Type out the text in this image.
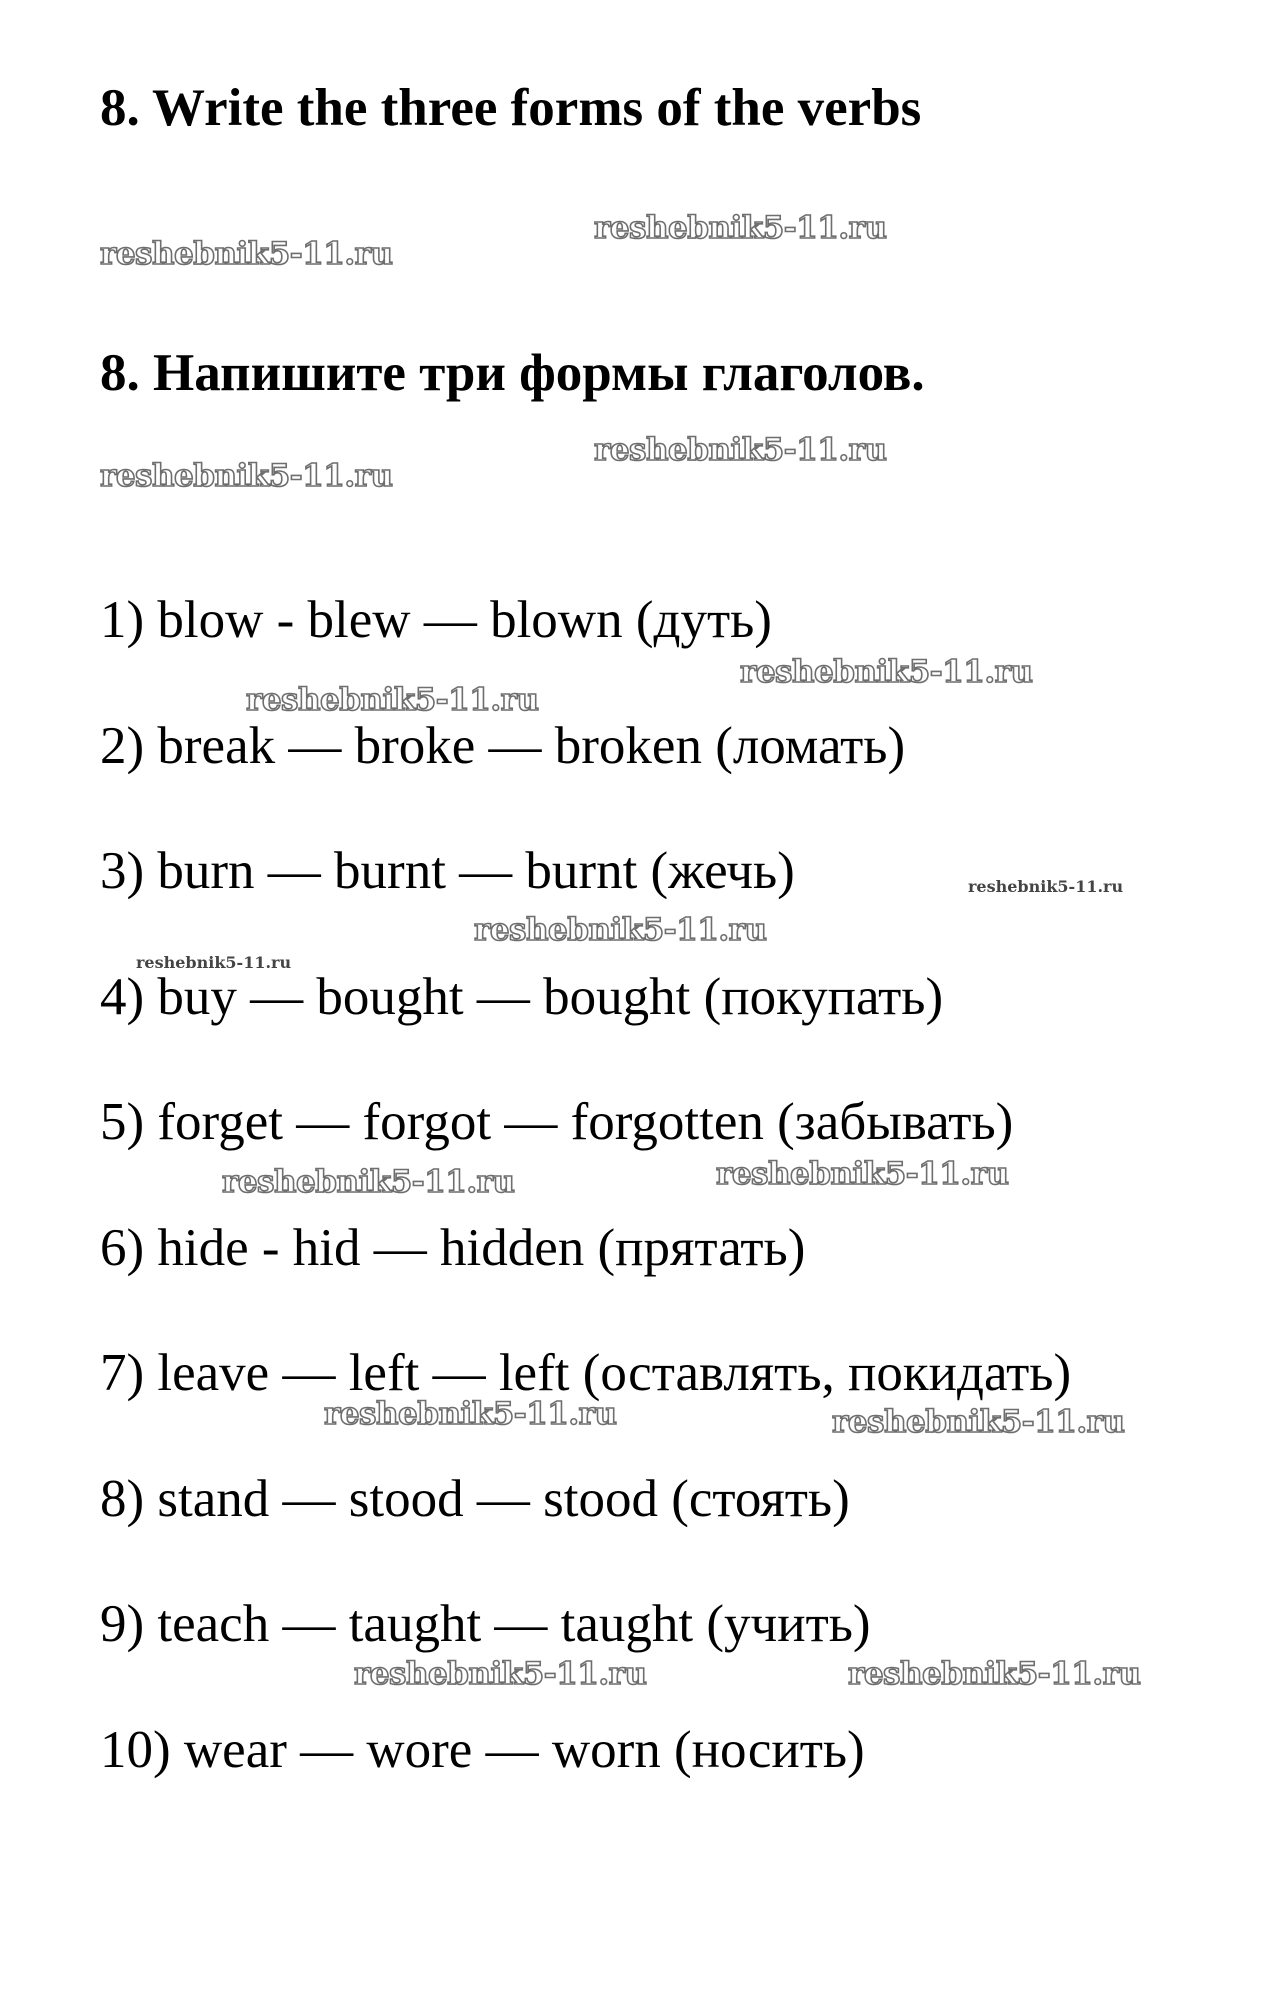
8. Write the three forms of the verbs
8. Напишите три формы глаголов.
1 ) blow - blew — blown (дуть)
2 ) break — broke — broken (ломать)
3 ) burn — burnt — burnt (жечь)
4 ) buy — bought — bought (покупать)
5 ) forget — forgot — forgotten (забывать)
6 ) hide - hid — hidden (прятать)
7 ) leave — left — left (оставлять, покидать)
8 ) stand — stood — stood (стоять)
9 ) teach — taught — taught (учить)
10 ) wear — wore — worn (носить)
reshebnik5-11.ru
reshebnik5-11.ru
reshebnik5-11.ru
reshebnik5-11.ru
reshebnik5-11.ru
reshebnik5-11.ru
reshebnik5-11.ru
reshebnik5-11.ru
reshebnik5-11.ru
reshebnik5-11.ru	reshebnik5-11.ru
reshebnik5-11.ru	reshebnik5-11.ru
reshebnik5-11.ru	reshebnik5-11.ru
